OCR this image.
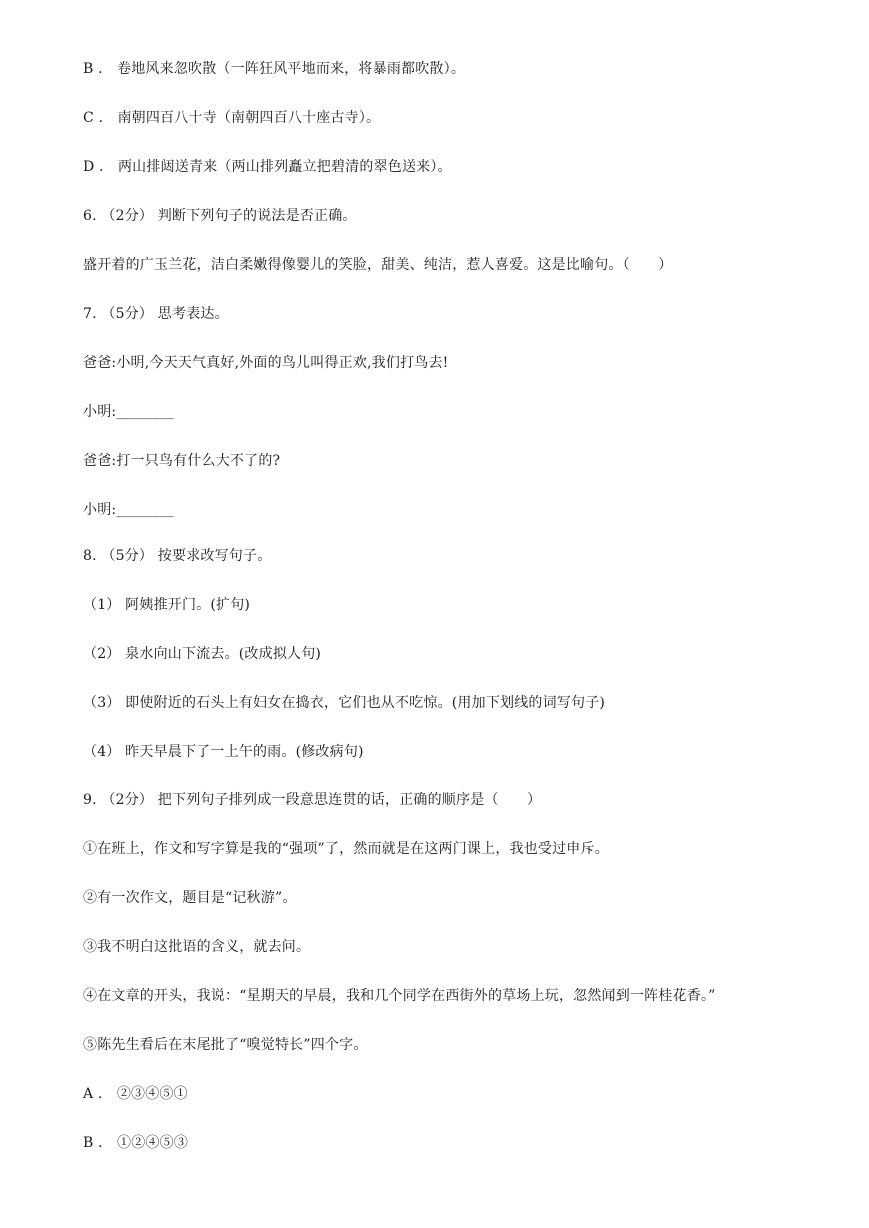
B ． 卷地风来忽吹散（一阵狂风平地而来，将暴雨都吹散）。
C ． 南朝四百八十寺（南朝四百八十座古寺）。
D ． 两山排闼送青来（两山排列矗立把碧清的翠色送来）。
6. （2分） 判断下列句子的说法是否正确。
盛开着的广玉兰花，洁白柔嫩得像婴儿的笑脸，甜美、纯洁，惹人喜爱。这是比喻句。（　　）
7. （5分） 思考表达。
爸爸:小明,今天天气真好,外面的鸟儿叫得正欢,我们打鸟去!
小明:________
爸爸:打一只鸟有什么大不了的?
小明:________
8. （5分） 按要求改写句子。
（1） 阿姨推开门。(扩句)
（2） 泉水向山下流去。(改成拟人句)
（3） 即使附近的石头上有妇女在捣衣，它们也从不吃惊。(用加下划线的词写句子)
（4） 昨天早晨下了一上午的雨。(修改病句)
9. （2分） 把下列句子排列成一段意思连贯的话，正确的顺序是（　　）
①在班上，作文和写字算是我的“强项”了，然而就是在这两门课上，我也受过申斥。
②有一次作文，题目是“记秋游”。
③我不明白这批语的含义，就去问。
④在文章的开头，我说：“星期天的早晨，我和几个同学在西街外的草场上玩，忽然闻到一阵桂花香。”
⑤陈先生看后在末尾批了“嗅觉特长”四个字。
A ． ②③④⑤①
B ． ①②④⑤③
